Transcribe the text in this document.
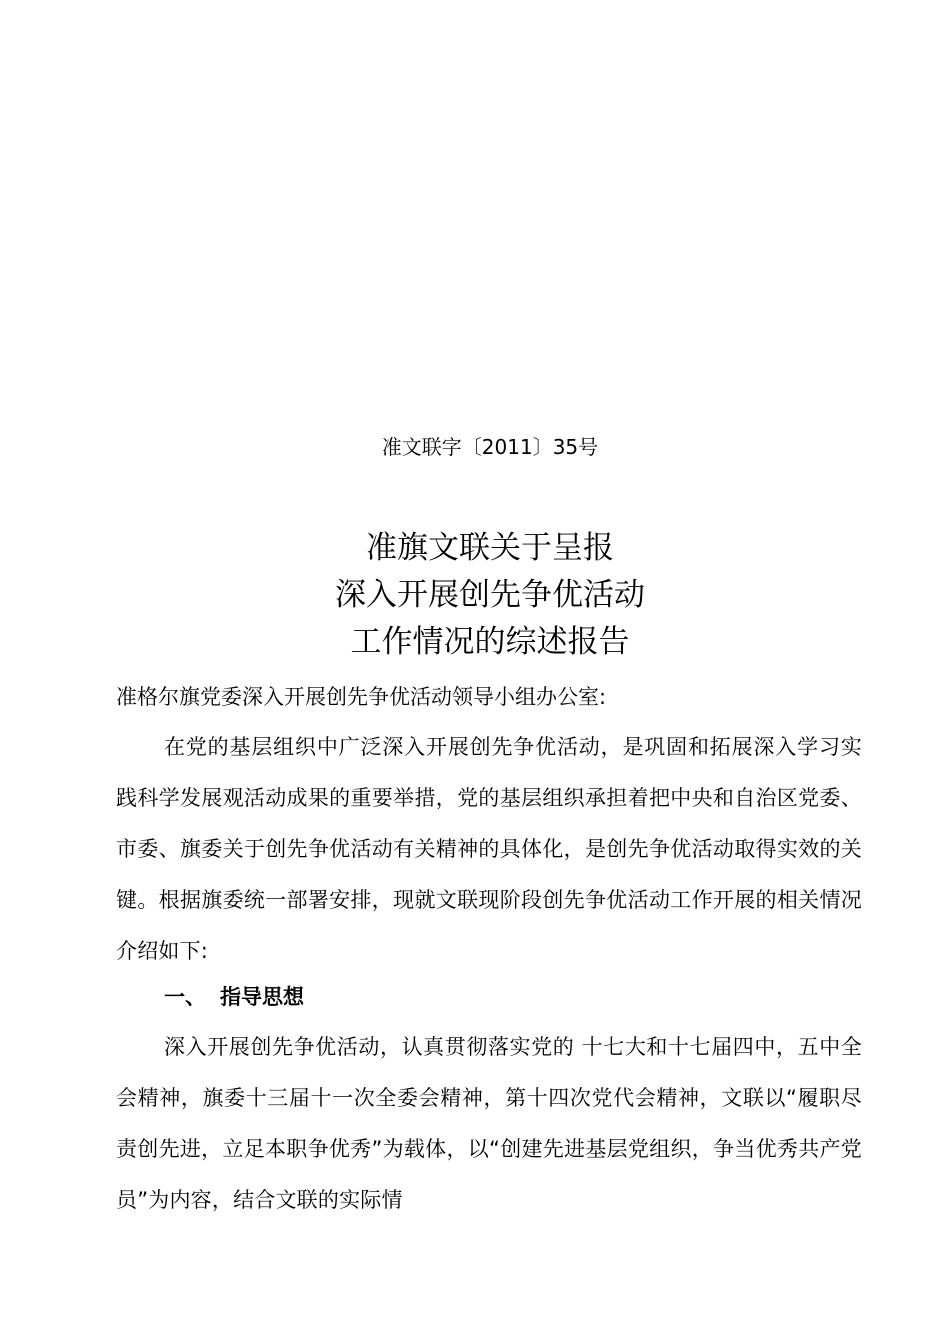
准文联字〔2011〕35号
准旗文联关于呈报
深入开展创先争优活动
工作情况的综述报告
准格尔旗党委深入开展创先争优活动领导小组办公室:
在党的基层组织中广泛深入开展创先争优活动，是巩固和拓展深入学习实践科学发展观活动成果的重要举措，党的基层组织承担着把中央和自治区党委、市委、旗委关于创先争优活动有关精神的具体化，是创先争优活动取得实效的关键。根据旗委统一部署安排，现就文联现阶段创先争优活动工作开展的相关情况介绍如下:
一、 指导思想
深入开展创先争优活动，认真贯彻落实党的 十七大和十七届四中，五中全会精神，旗委十三届十一次全委会精神，第十四次党代会精神，文联以“履职尽责创先进，立足本职争优秀”为载体，以“创建先进基层党组织，争当优秀共产党员”为内容，结合文联的实际情
